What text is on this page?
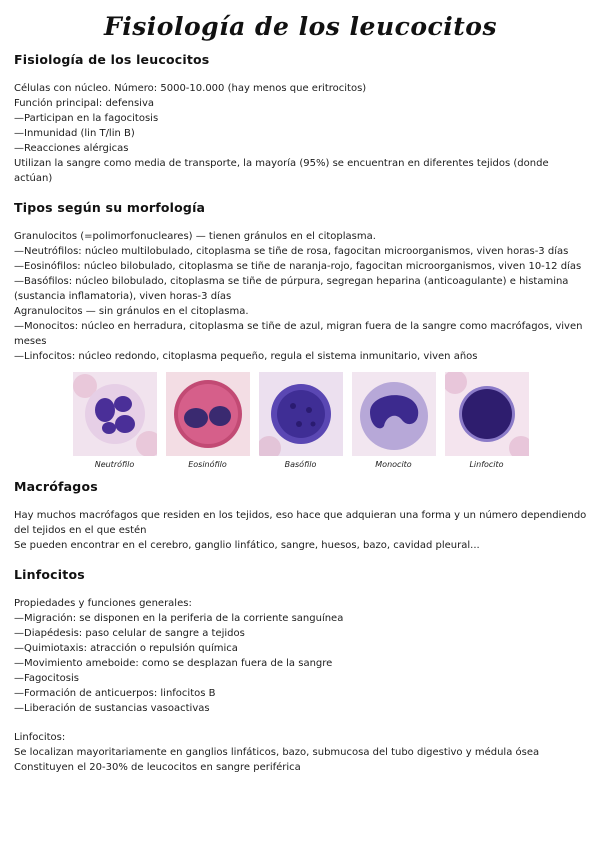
Fisiología de los leucocitos
Fisiología de los leucocitos

Células con núcleo. Número: 5000-10.000 (hay menos que eritrocitos)

Función principal: defensiva

—Participan en la fagocitosis

—Inmunidad (lin T/lin B)

—Reacciones alérgicas

Utilizan la sangre como media de transporte, la mayoría (95%) se encuentran en diferentes tejidos (donde actúan)

Tipos según su morfología

Granulocitos (=polimorfonucleares) — tienen gránulos en el citoplasma.

—Neutrófilos: núcleo multilobulado, citoplasma se tiñe de rosa, fagocitan microorganismos, viven horas-3 días

—Eosinófilos: núcleo bilobulado, citoplasma se tiñe de naranja-rojo, fagocitan microorganismos, viven 10-12 días

—Basófilos: núcleo bilobulado, citoplasma se tiñe de púrpura, segregan heparina (anticoagulante) e histamina (sustancia inflamatoria), viven horas-3 días

Agranulocitos — sin gránulos en el citoplasma.

—Monocitos: núcleo en herradura, citoplasma se tiñe de azul, migran fuera de la sangre como macrófagos, viven meses

—Linfocitos: núcleo redondo, citoplasma pequeño, regula el sistema inmunitario, viven años

Neutrófilo	Eosinófilo	Basófilo	Monocito	Linfocito
Macrófagos

Hay muchos macrófagos que residen en los tejidos, eso hace que adquieran una forma y un número dependiendo del tejidos en el que estén

Se pueden encontrar en el cerebro, ganglio linfático, sangre, huesos, bazo, cavidad pleural...

Linfocitos

Propiedades y funciones generales:

—Migración: se disponen en la periferia de la corriente sanguínea

—Diapédesis: paso celular de sangre a tejidos

—Quimiotaxis: atracción o repulsión química

—Movimiento ameboide: como se desplazan fuera de la sangre

—Fagocitosis

—Formación de anticuerpos: linfocitos B

—Liberación de sustancias vasoactivas

Linfocitos:

Se localizan mayoritariamente en ganglios linfáticos, bazo, submucosa del tubo digestivo y médula ósea

Constituyen el 20-30% de leucocitos en sangre periférica
